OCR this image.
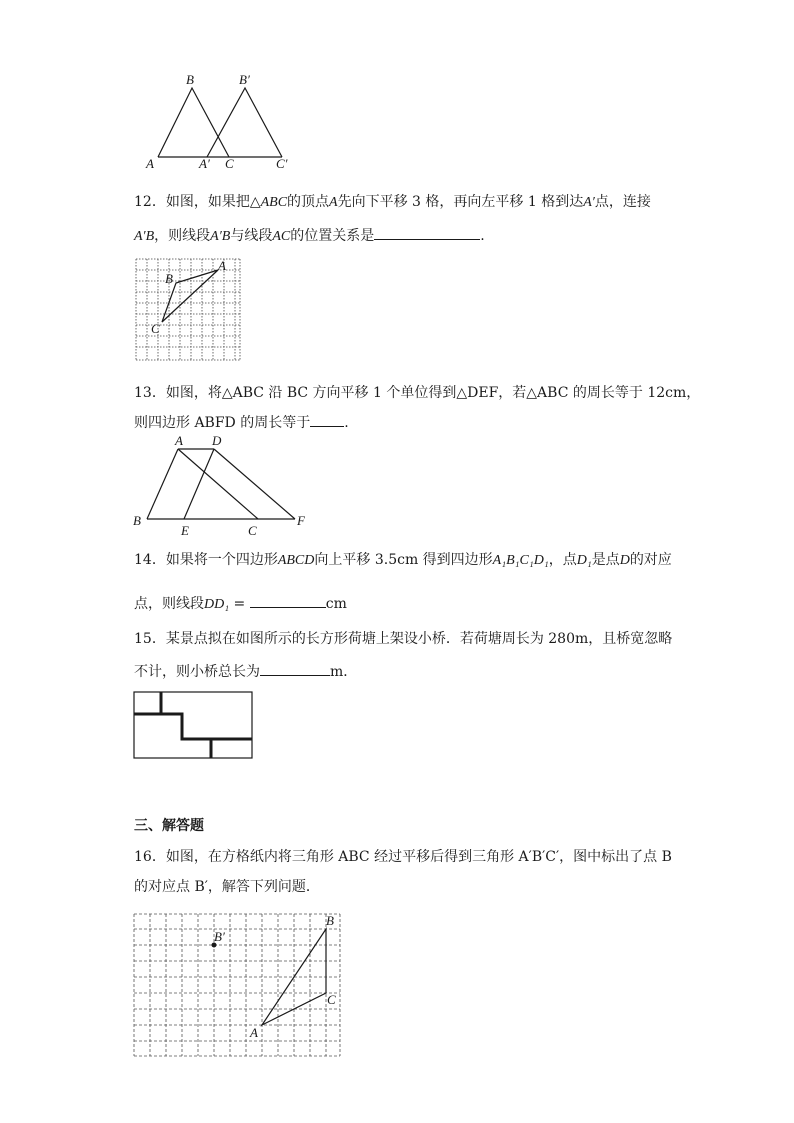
B	B′
A	A′ C	C′
12．如图，如果把△ABC的顶点A先向下平移 3 格，再向左平移 1 格到达A′点，连接
A′B，则线段A′B与线段AC的位置关系是	.
B
A
C
13．如图，将△ABC 沿 BC 方向平移 1 个单位得到△DEF，若△ABC 的周长等于 12cm，
则四边形 ABFD 的周长等于 .
A D
B
E	C
F
14．如果将一个四边形ABCD向上平移 3.5cm 得到四边形A₁B₁C₁D₁，点D₁是点D的对应
点，则线段DD₁ =	cm
15．某景点拟在如图所示的长方形荷塘上架设小桥．若荷塘周长为 280m，且桥宽忽略
不计，则小桥总长为	m．
三、解答题
16．如图，在方格纸内将三角形 ABC 经过平移后得到三角形 A′B′C′，图中标出了点 B
的对应点 B′，解答下列问题．
B
B′
C
A
